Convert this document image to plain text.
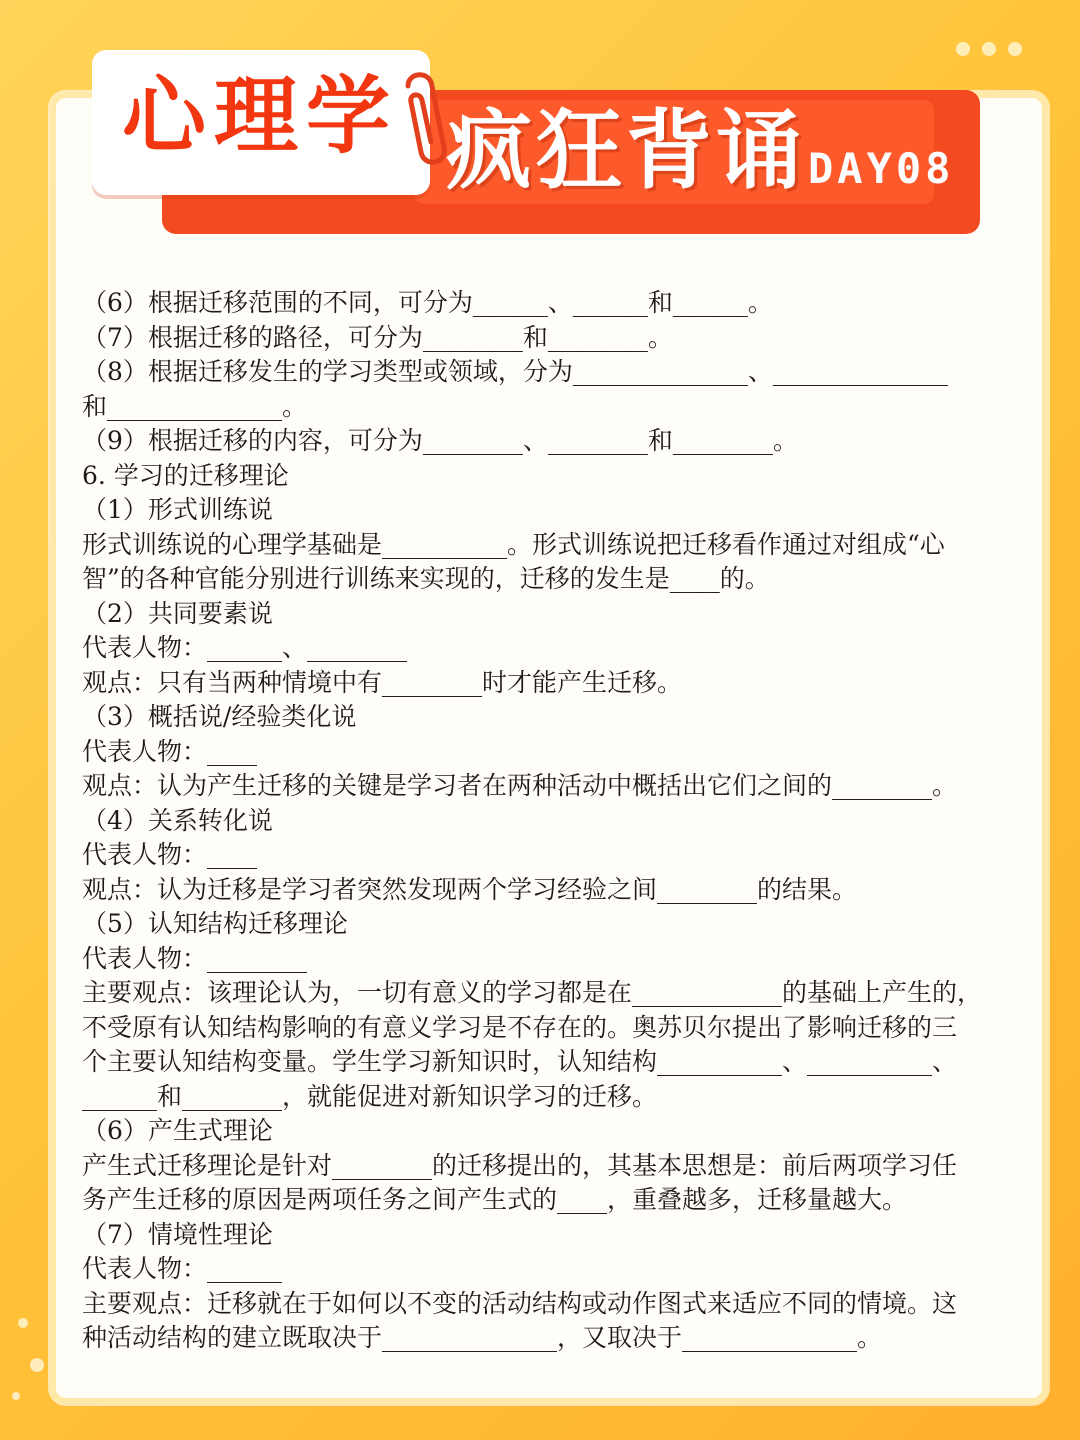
心理学 疯狂背诵 DAY08
（6）根据迁移范围的不同，可分为______、______和______。
（7）根据迁移的路径，可分为________和________。
（8）根据迁移发生的学习类型或领域，分为______________、______________
和______________。
（9）根据迁移的内容，可分为________、________和________。
6. 学习的迁移理论
（1）形式训练说
形式训练说的心理学基础是__________。形式训练说把迁移看作通过对组成“心
智”的各种官能分别进行训练来实现的，迁移的发生是____的。
（2）共同要素说
代表人物：______、________
观点：只有当两种情境中有________时才能产生迁移。
（3）概括说/经验类化说
代表人物：____
观点：认为产生迁移的关键是学习者在两种活动中概括出它们之间的________。
（4）关系转化说
代表人物：____
观点：认为迁移是学习者突然发现两个学习经验之间________的结果。
（5）认知结构迁移理论
代表人物：________
主要观点：该理论认为，一切有意义的学习都是在____________的基础上产生的，
不受原有认知结构影响的有意义学习是不存在的。奥苏贝尔提出了影响迁移的三
个主要认知结构变量。学生学习新知识时，认知结构__________、__________、
______和________，就能促进对新知识学习的迁移。
（6）产生式理论
产生式迁移理论是针对________的迁移提出的，其基本思想是：前后两项学习任
务产生迁移的原因是两项任务之间产生式的____，重叠越多，迁移量越大。
（7）情境性理论
代表人物：______
主要观点：迁移就在于如何以不变的活动结构或动作图式来适应不同的情境。这
种活动结构的建立既取决于______________，又取决于______________。
